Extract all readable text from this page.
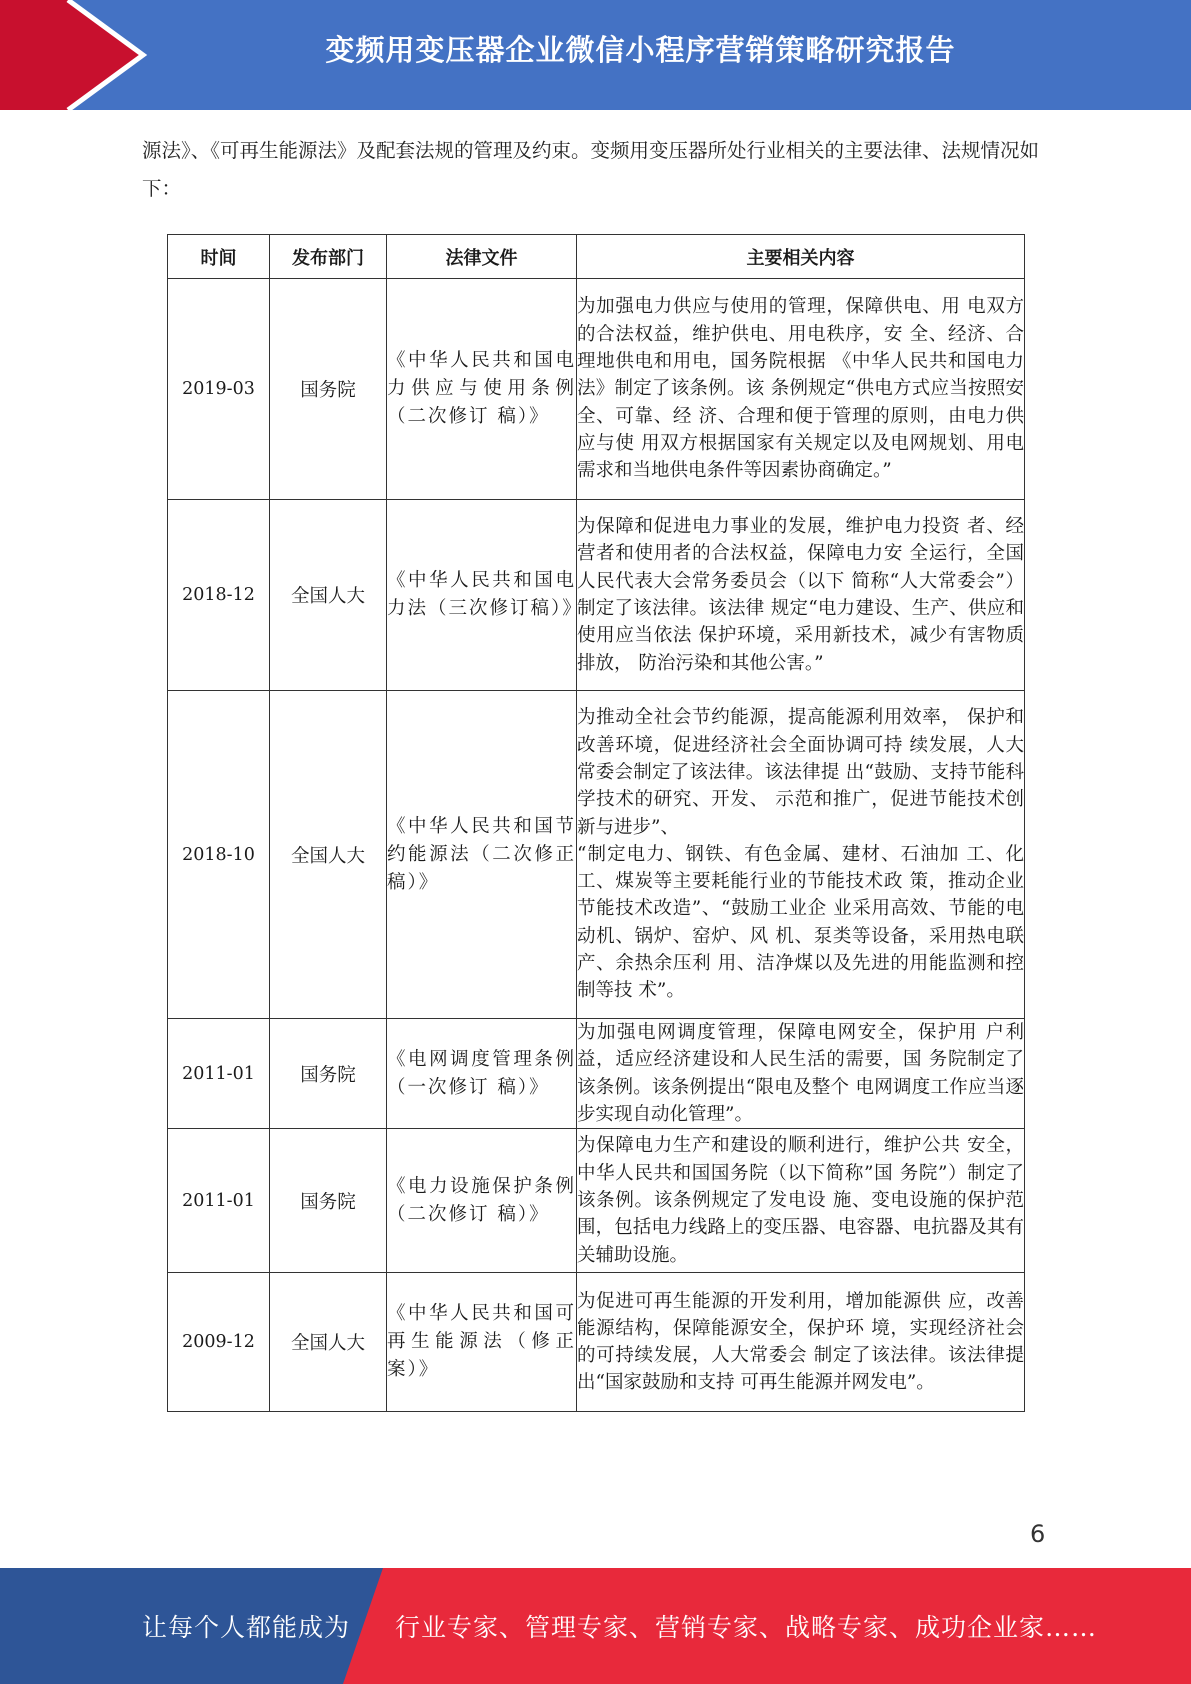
变频用变压器企业微信小程序营销策略研究报告
源法》、《可再生能源法》及配套法规的管理及约束。变频用变压器所处行业相关的主要法律、法规情况如下：
时间	发布部门	法律文件	主要相关内容
2019-03	国务院	《中华人民共和国电力供应与使用条例（二次修订 稿）》	为加强电力供应与使用的管理，保障供电、用 电双方的合法权益，维护供电、用电秩序，安 全、经济、合理地供电和用电，国务院根据 《中华人民共和国电力法》制定了该条例。该 条例规定“供电方式应当按照安全、可靠、经 济、合理和便于管理的原则，由电力供应与使 用双方根据国家有关规定以及电网规划、用电 需求和当地供电条件等因素协商确定。”
2018-12	全国人大	《中华人民共和国电力法（三次修订稿）》	为保障和促进电力事业的发展，维护电力投资 者、经营者和使用者的合法权益，保障电力安 全运行，全国人民代表大会常务委员会（以下 简称“人大常委会”）制定了该法律。该法律 规定“电力建设、生产、供应和使用应当依法 保护环境，采用新技术，减少有害物质排放， 防治污染和其他公害。”
2018-10	全国人大	《中华人民共和国节约能源法（二次修正稿）》	为推动全社会节约能源，提高能源利用效率， 保护和改善环境，促进经济社会全面协调可持 续发展，人大常委会制定了该法律。该法律提 出“鼓励、支持节能科学技术的研究、开发、 示范和推广，促进节能技术创新与进步”、
“制定电力、钢铁、有色金属、建材、石油加 工、化工、煤炭等主要耗能行业的节能技术政 策，推动企业节能技术改造”、“鼓励工业企 业采用高效、节能的电动机、锅炉、窑炉、风 机、泵类等设备，采用热电联产、余热余压利 用、洁净煤以及先进的用能监测和控制等技 术”。

2011-01	国务院	《电网调度管理条例（一次修订 稿）》	为加强电网调度管理，保障电网安全，保护用 户利益，适应经济建设和人民生活的需要，国 务院制定了该条例。该条例提出“限电及整个 电网调度工作应当逐步实现自动化管理”。
2011-01	国务院	《电力设施保护条例（二次修订 稿）》	为保障电力生产和建设的顺利进行，维护公共 安全，中华人民共和国国务院（以下简称”国 务院”）制定了该条例。该条例规定了发电设 施、变电设施的保护范围，包括电力线路上的变压器、电容器、电抗器及其有关辅助设施。
2009-12	全国人大	《中华人民共和国可再生能源法（修正案）》	为促进可再生能源的开发利用，增加能源供 应，改善能源结构，保障能源安全，保护环 境，实现经济社会的可持续发展，人大常委会 制定了该法律。该法律提出“国家鼓励和支持 可再生能源并网发电”。
6
让每个人都能成为 行业专家、管理专家、营销专家、战略专家、成功企业家……
